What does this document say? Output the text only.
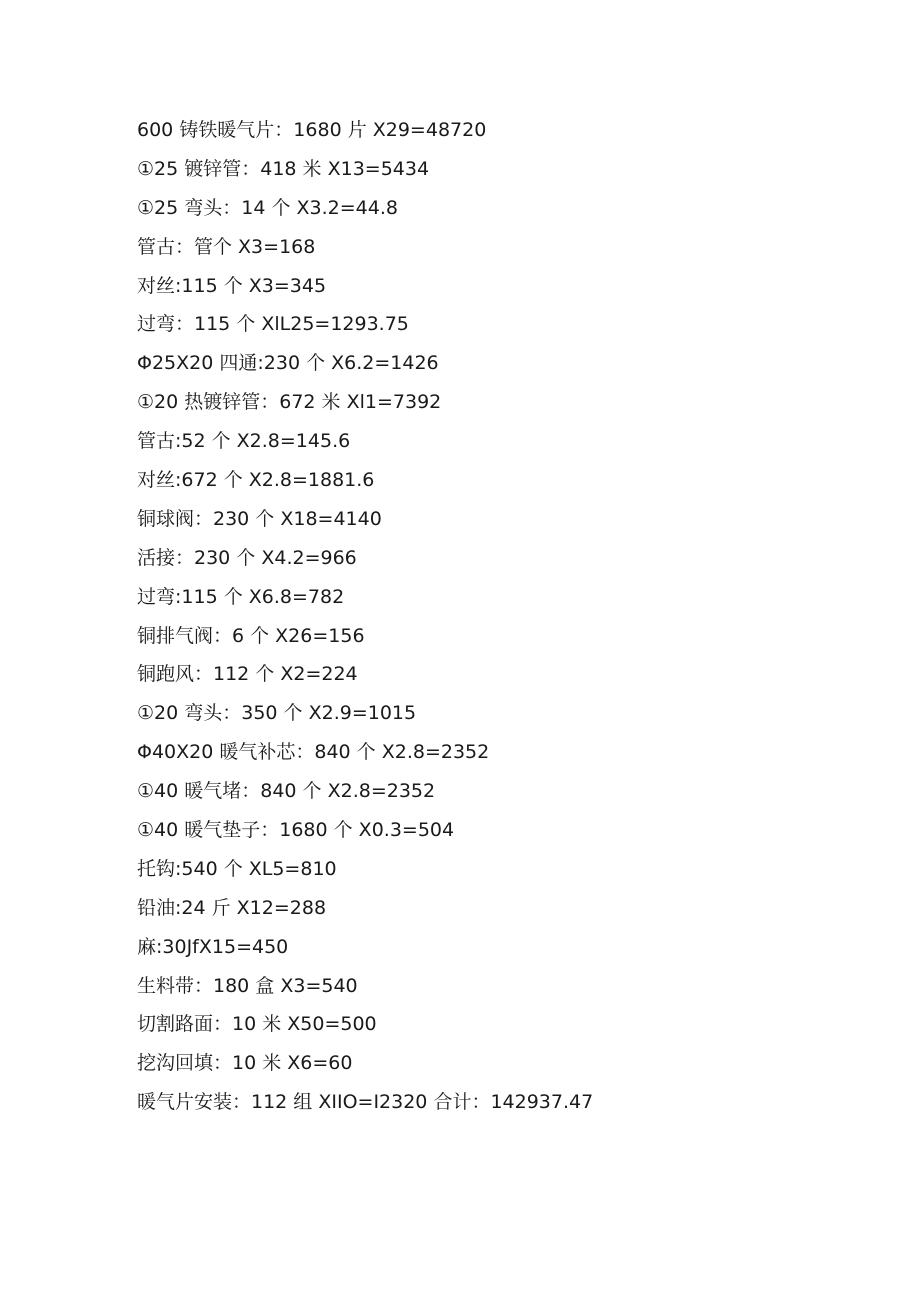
600 铸铁暖气片：1680 片 X29=48720
①25 镀锌管：418 米 X13=5434
①25 弯头：14 个 X3.2=44.8
管古：管个 X3=168
对丝:115 个 X3=345
过弯：115 个 XlL25=1293.75
Φ25X20 四通:230 个 X6.2=1426
①20 热镀锌管：672 米 Xl1=7392
管古:52 个 X2.8=145.6
对丝:672 个 X2.8=1881.6
铜球阀：230 个 X18=4140
活接：230 个 X4.2=966
过弯:115 个 X6.8=782
铜排气阀：6 个 X26=156
铜跑风：112 个 X2=224
①20 弯头：350 个 X2.9=1015
Φ40X20 暖气补芯：840 个 X2.8=2352
①40 暖气堵：840 个 X2.8=2352
①40 暖气垫子：1680 个 X0.3=504
托钩:540 个 XL5=810
铅油:24 斤 X12=288
麻:30JfX15=450
生料带：180 盒 X3=540
切割路面：10 米 X50=500
挖沟回填：10 米 X6=60
暖气片安装：112 组 XIIO=I2320 合计：142937.47
